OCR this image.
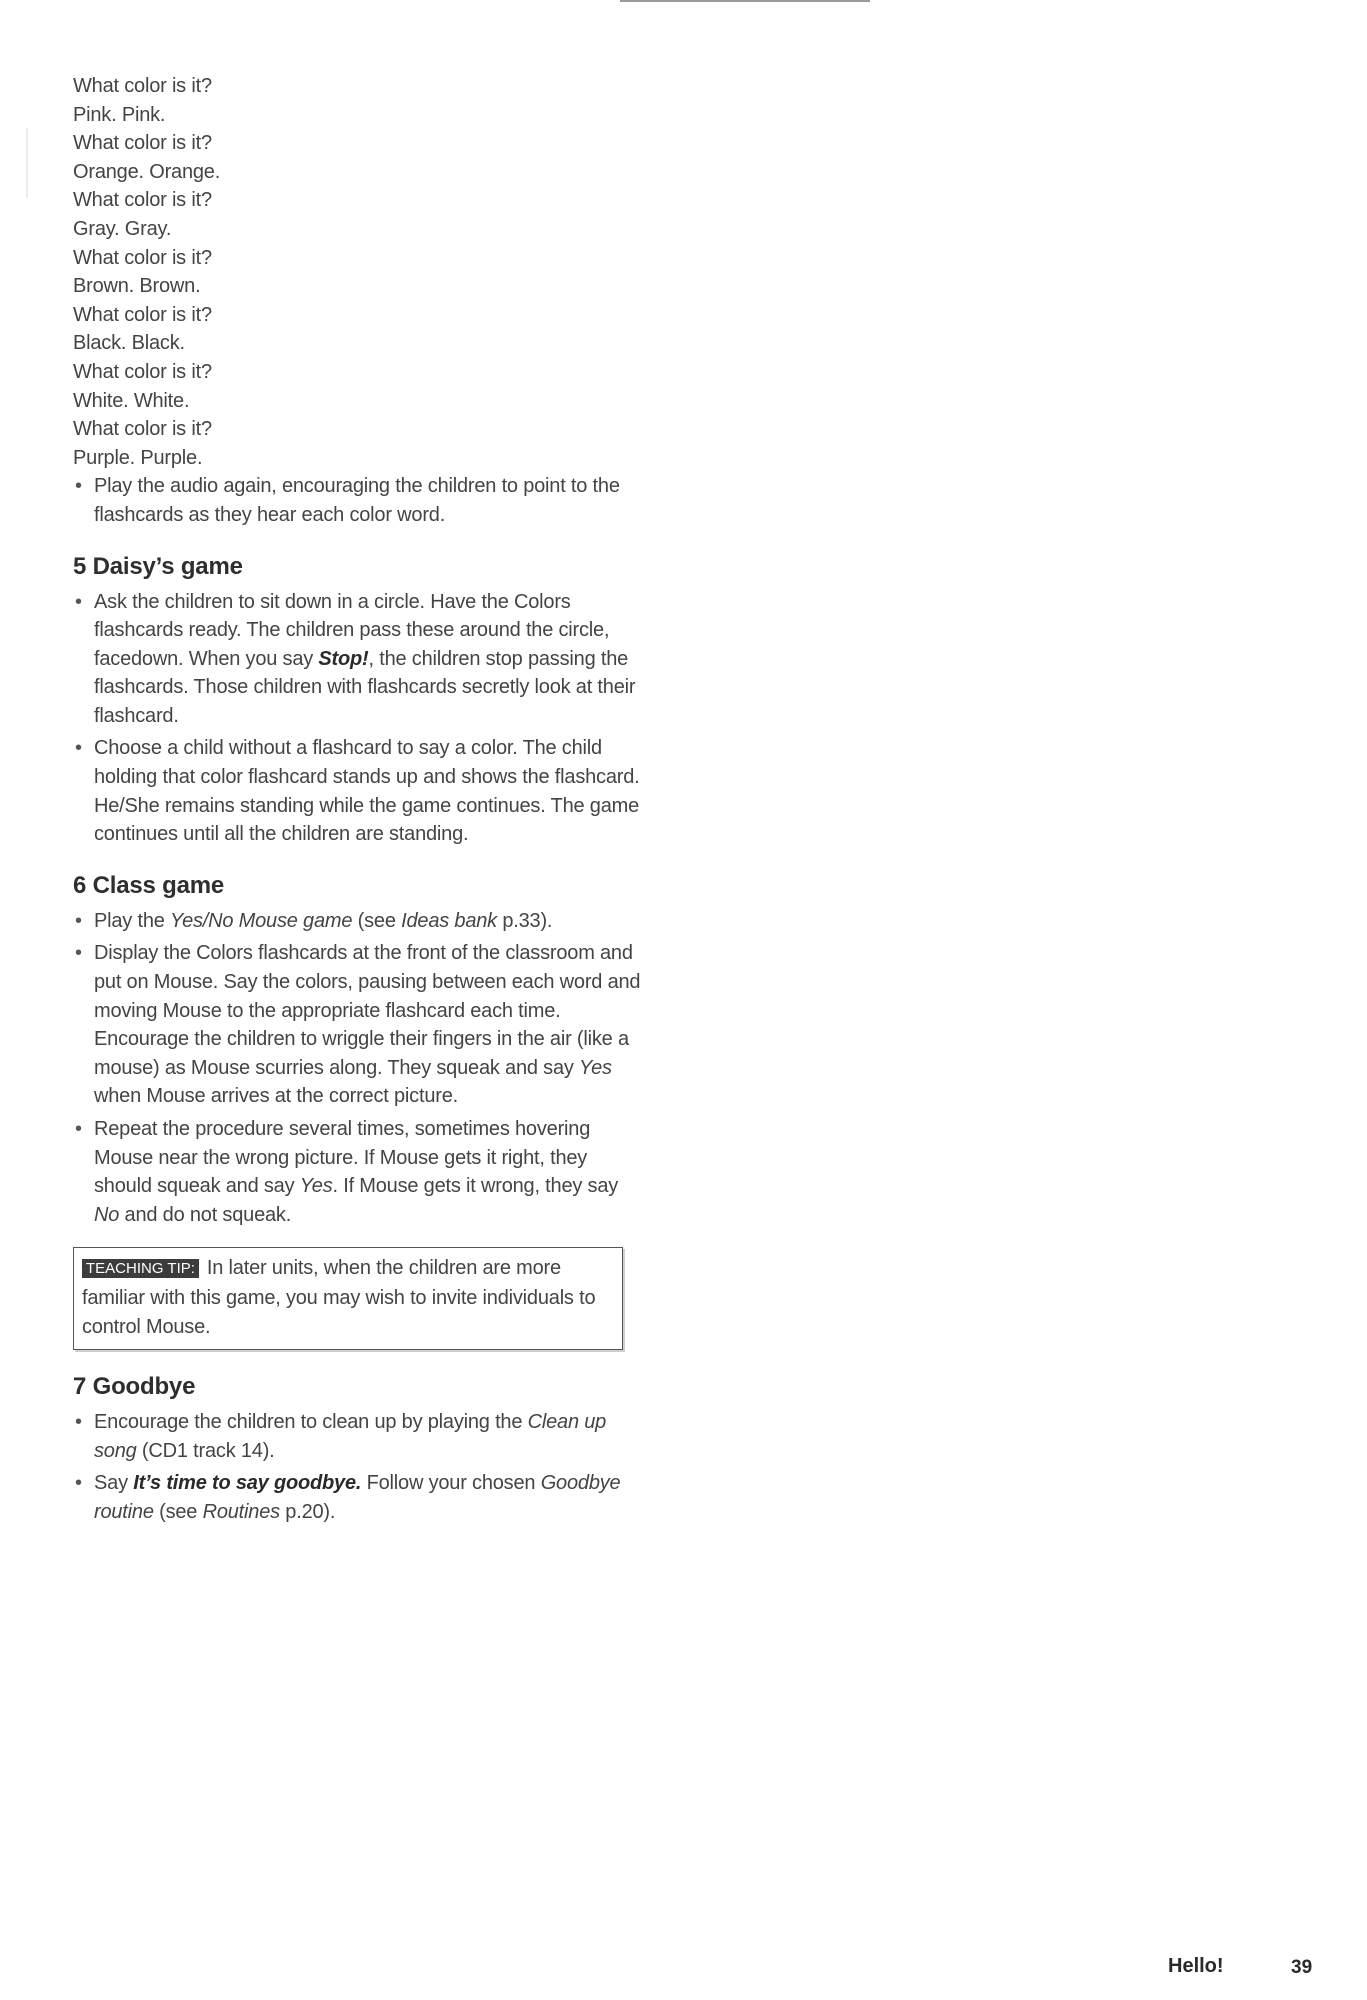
What color is it?
Pink. Pink.
What color is it?
Orange. Orange.
What color is it?
Gray. Gray.
What color is it?
Brown. Brown.
What color is it?
Black. Black.
What color is it?
White. White.
What color is it?
Purple. Purple.
• Play the audio again, encouraging the children to point to the flashcards as they hear each color word.
5 Daisy’s game
• Ask the children to sit down in a circle. Have the Colors flashcards ready. The children pass these around the circle, facedown. When you say Stop!, the children stop passing the flashcards. Those children with flashcards secretly look at their flashcard.
• Choose a child without a flashcard to say a color. The child holding that color flashcard stands up and shows the flashcard. He/She remains standing while the game continues. The game continues until all the children are standing.
6 Class game
• Play the Yes/No Mouse game (see Ideas bank p.33).
• Display the Colors flashcards at the front of the classroom and put on Mouse. Say the colors, pausing between each word and moving Mouse to the appropriate flashcard each time. Encourage the children to wriggle their fingers in the air (like a mouse) as Mouse scurries along. They squeak and say Yes when Mouse arrives at the correct picture.
• Repeat the procedure several times, sometimes hovering Mouse near the wrong picture. If Mouse gets it right, they should squeak and say Yes. If Mouse gets it wrong, they say No and do not squeak.
TEACHING TIP: In later units, when the children are more familiar with this game, you may wish to invite individuals to control Mouse.
7 Goodbye
• Encourage the children to clean up by playing the Clean up song (CD1 track 14).
• Say It’s time to say goodbye. Follow your chosen Goodbye routine (see Routines p.20).
Hello!	39
